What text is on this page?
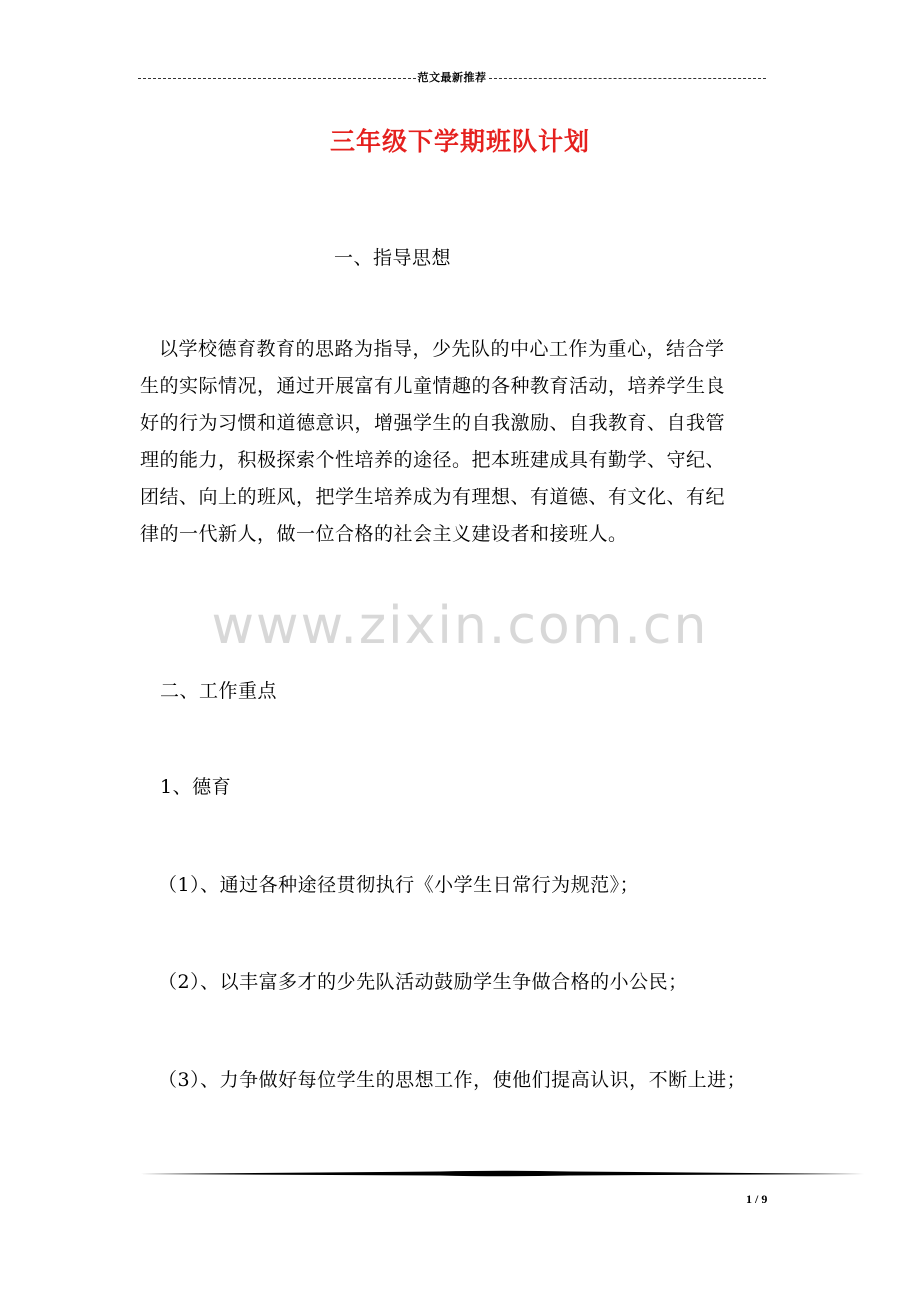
范文最新推荐
三年级下学期班队计划
一、指导思想
以学校德育教育的思路为指导，少先队的中心工作为重心，结合学
生的实际情况，通过开展富有儿童情趣的各种教育活动，培养学生良
好的行为习惯和道德意识，增强学生的自我激励、自我教育、自我管
理的能力，积极探索个性培养的途径。把本班建成具有勤学、守纪、
团结、向上的班风，把学生培养成为有理想、有道德、有文化、有纪
律的一代新人，做一位合格的社会主义建设者和接班人。
www.zixin.com.cn
二、工作重点
1、德育
（1）、通过各种途径贯彻执行《小学生日常行为规范》；
（2）、以丰富多才的少先队活动鼓励学生争做合格的小公民；
（3）、力争做好每位学生的思想工作，使他们提高认识，不断上进；
1 / 9
